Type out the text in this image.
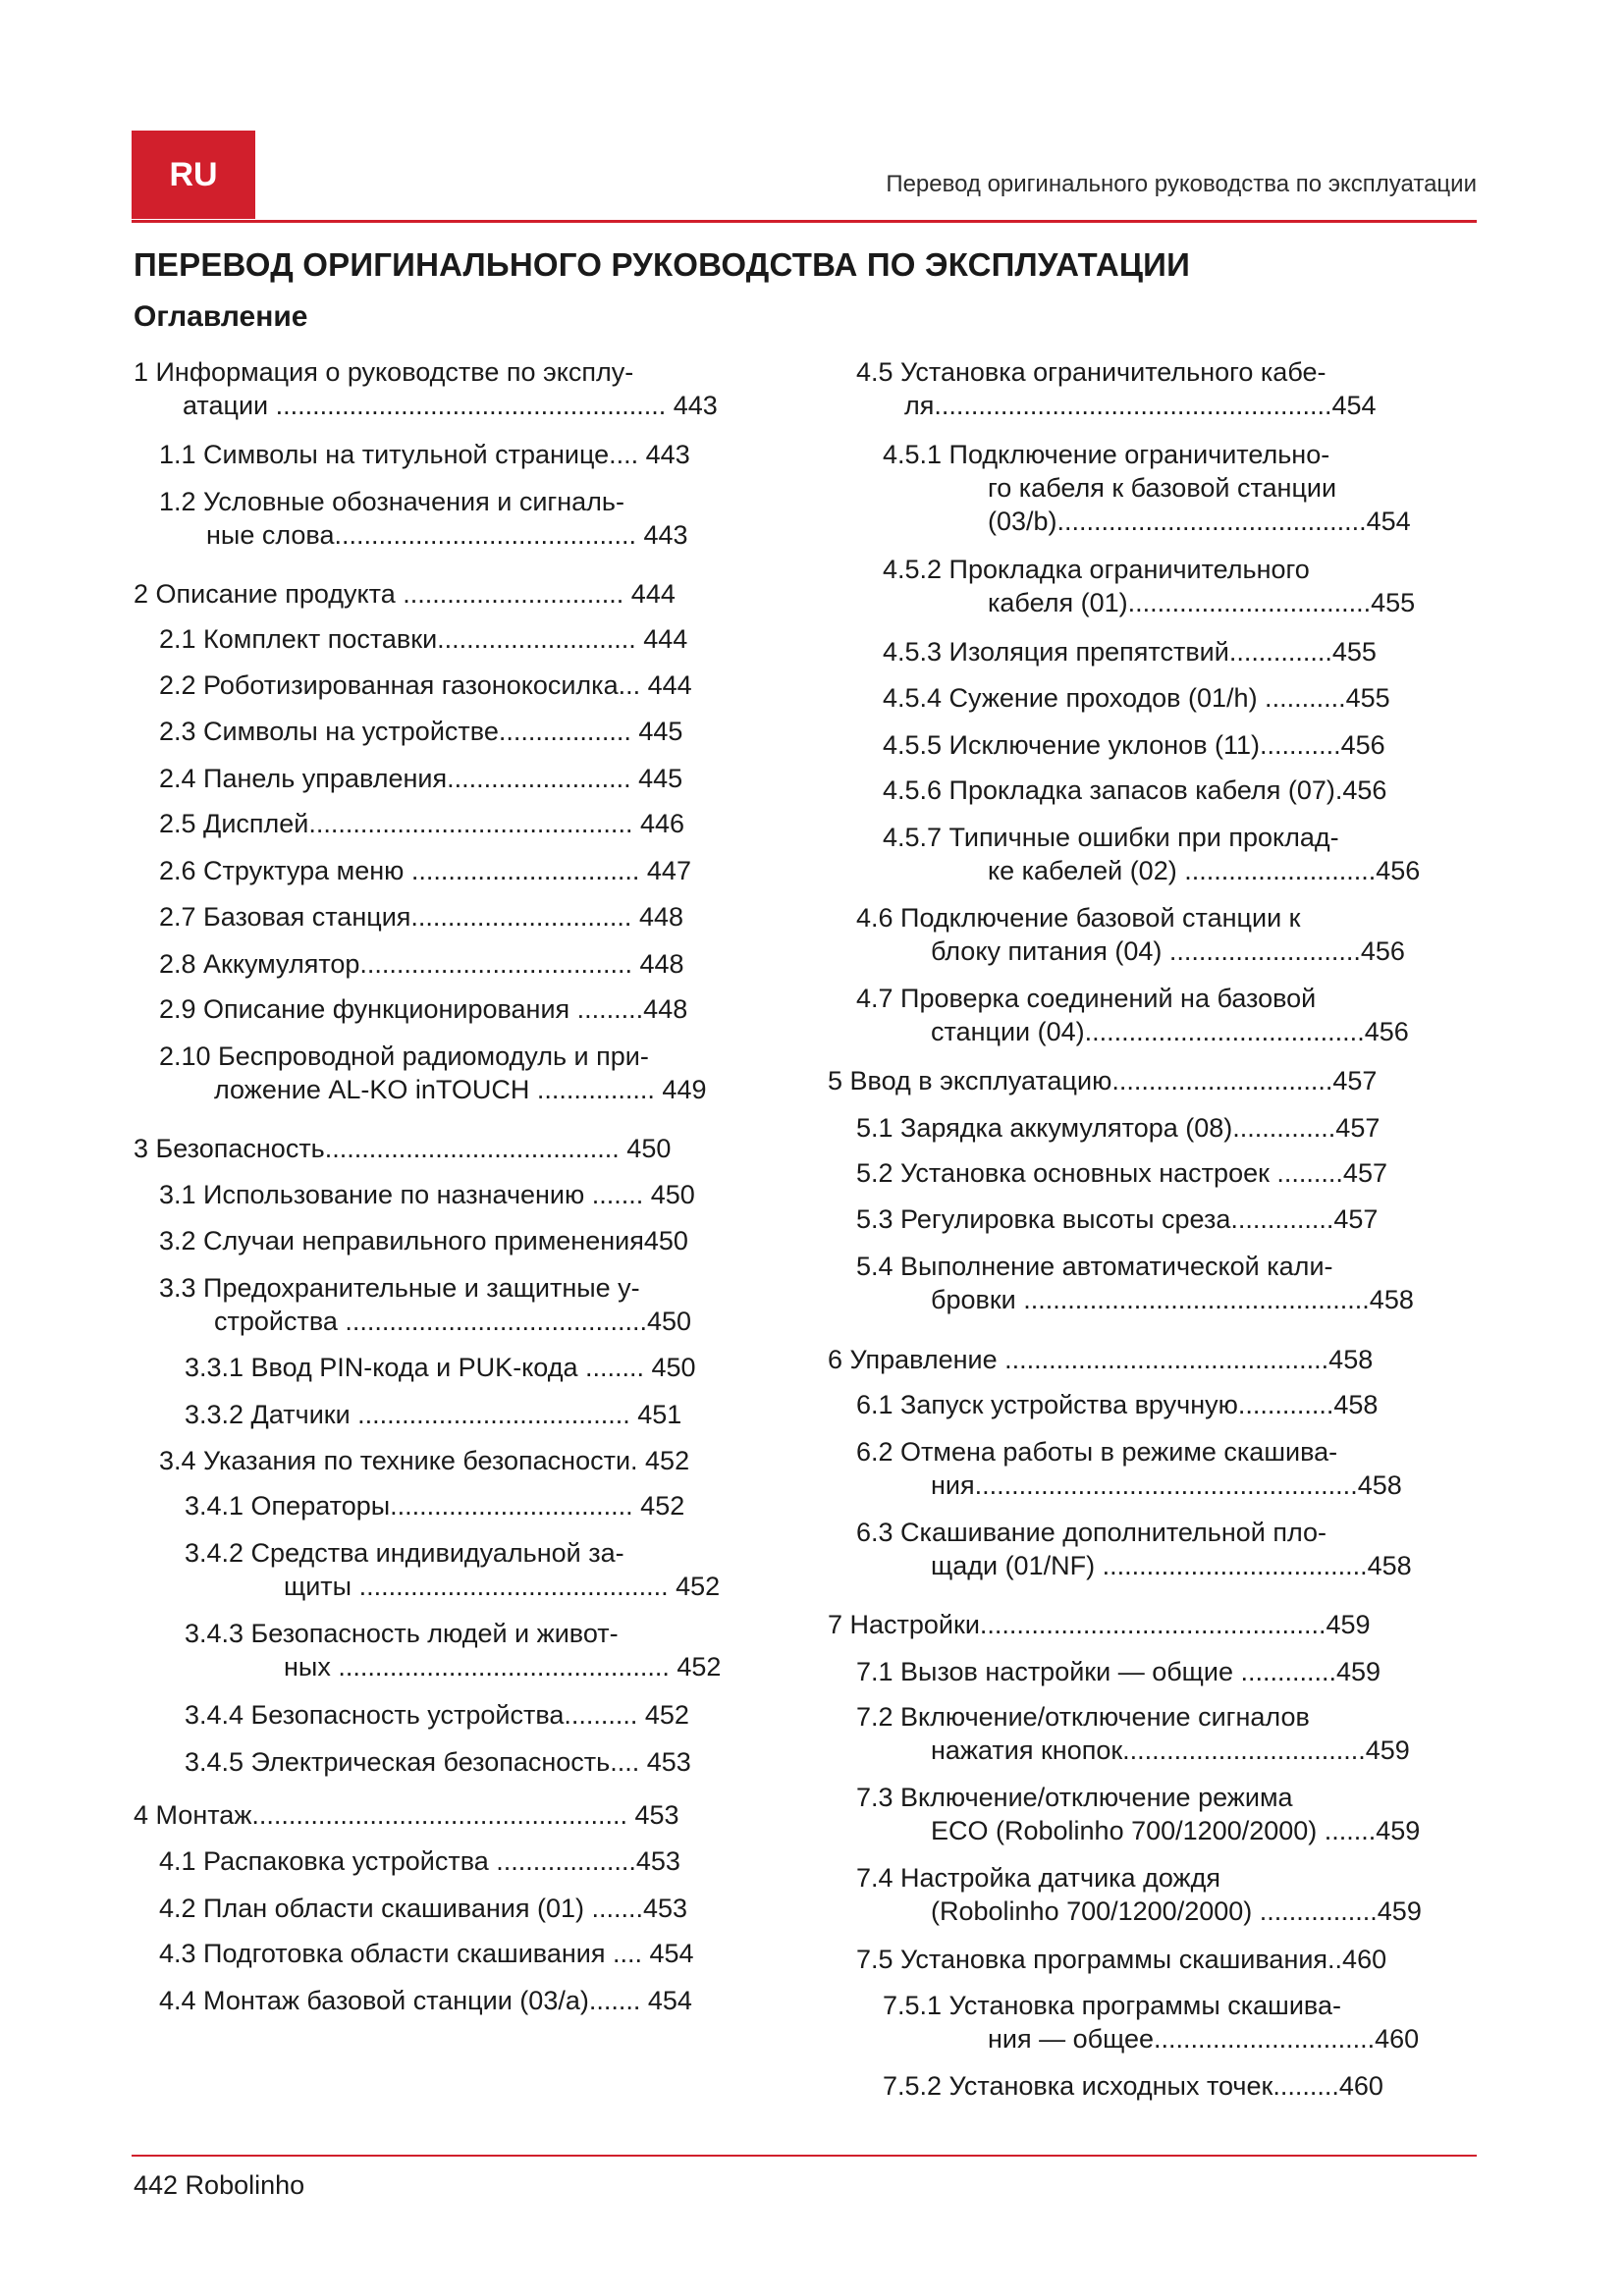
RU	Перевод оригинального руководства по эксплуатации
ПЕРЕВОД ОРИГИНАЛЬНОГО РУКОВОДСТВА ПО ЭКСПЛУАТАЦИИ
Оглавление
1 Информация о руководстве по эксплу-
атации ..................................................... 443
1.1 Символы на титульной странице.... 443
1.2 Условные обозначения и сигналь-
ные слова......................................... 443
2 Описание продукта .............................. 444
2.1 Комплект поставки........................... 444
2.2 Роботизированная газонокосилка... 444
2.3 Символы на устройстве.................. 445
2.4 Панель управления......................... 445
2.5 Дисплей............................................ 446
2.6 Структура меню ............................... 447
2.7 Базовая станция.............................. 448
2.8 Аккумулятор..................................... 448
2.9 Описание функционирования .........448
2.10 Беспроводной радиомодуль и при-
ложение AL-KO inTOUCH ................ 449
3 Безопасность........................................ 450
3.1 Использование по назначению ....... 450
3.2 Случаи неправильного применения450
3.3 Предохранительные и защитные у-
стройства .........................................450
3.3.1 Ввод PIN-кода и PUK-кода ........ 450
3.3.2 Датчики ..................................... 451
3.4 Указания по технике безопасности. 452
3.4.1 Операторы................................. 452
3.4.2 Средства индивидуальной за-
щиты .......................................... 452
3.4.3 Безопасность людей и живот-
ных ............................................. 452
3.4.4 Безопасность устройства.......... 452
3.4.5 Электрическая безопасность.... 453
4 Монтаж................................................... 453
4.1 Распаковка устройства ...................453
4.2 План области скашивания (01) .......453
4.3 Подготовка области скашивания .... 454
4.4 Монтаж базовой станции (03/a)....... 454
4.5 Установка ограничительного кабе-
ля......................................................454
4.5.1 Подключение ограничительно-
го кабеля к базовой станции
(03/b)..........................................454
4.5.2 Прокладка ограничительного
кабеля (01).................................455
4.5.3 Изоляция препятствий..............455
4.5.4 Сужение проходов (01/h) ...........455
4.5.5 Исключение уклонов (11)...........456
4.5.6 Прокладка запасов кабеля (07).456
4.5.7 Типичные ошибки при проклад-
ке кабелей (02) ..........................456
4.6 Подключение базовой станции к
блоку питания (04) ..........................456
4.7 Проверка соединений на базовой
станции (04)......................................456
5 Ввод в эксплуатацию..............................457
5.1 Зарядка аккумулятора (08)..............457
5.2 Установка основных настроек .........457
5.3 Регулировка высоты среза..............457
5.4 Выполнение автоматической кали-
бровки ...............................................458
6 Управление ............................................458
6.1 Запуск устройства вручную.............458
6.2 Отмена работы в режиме скашива-
ния....................................................458
6.3 Скашивание дополнительной пло-
щади (01/NF) ....................................458
7 Настройки...............................................459
7.1 Вызов настройки — общие .............459
7.2 Включение/отключение сигналов
нажатия кнопок.................................459
7.3 Включение/отключение режима
ECO (Robolinho 700/1200/2000) .......459
7.4 Настройка датчика дождя
(Robolinho 700/1200/2000) ................459
7.5 Установка программы скашивания..460
7.5.1 Установка программы скашива-
ния — общее..............................460
7.5.2 Установка исходных точек.........460
442 Robolinho
